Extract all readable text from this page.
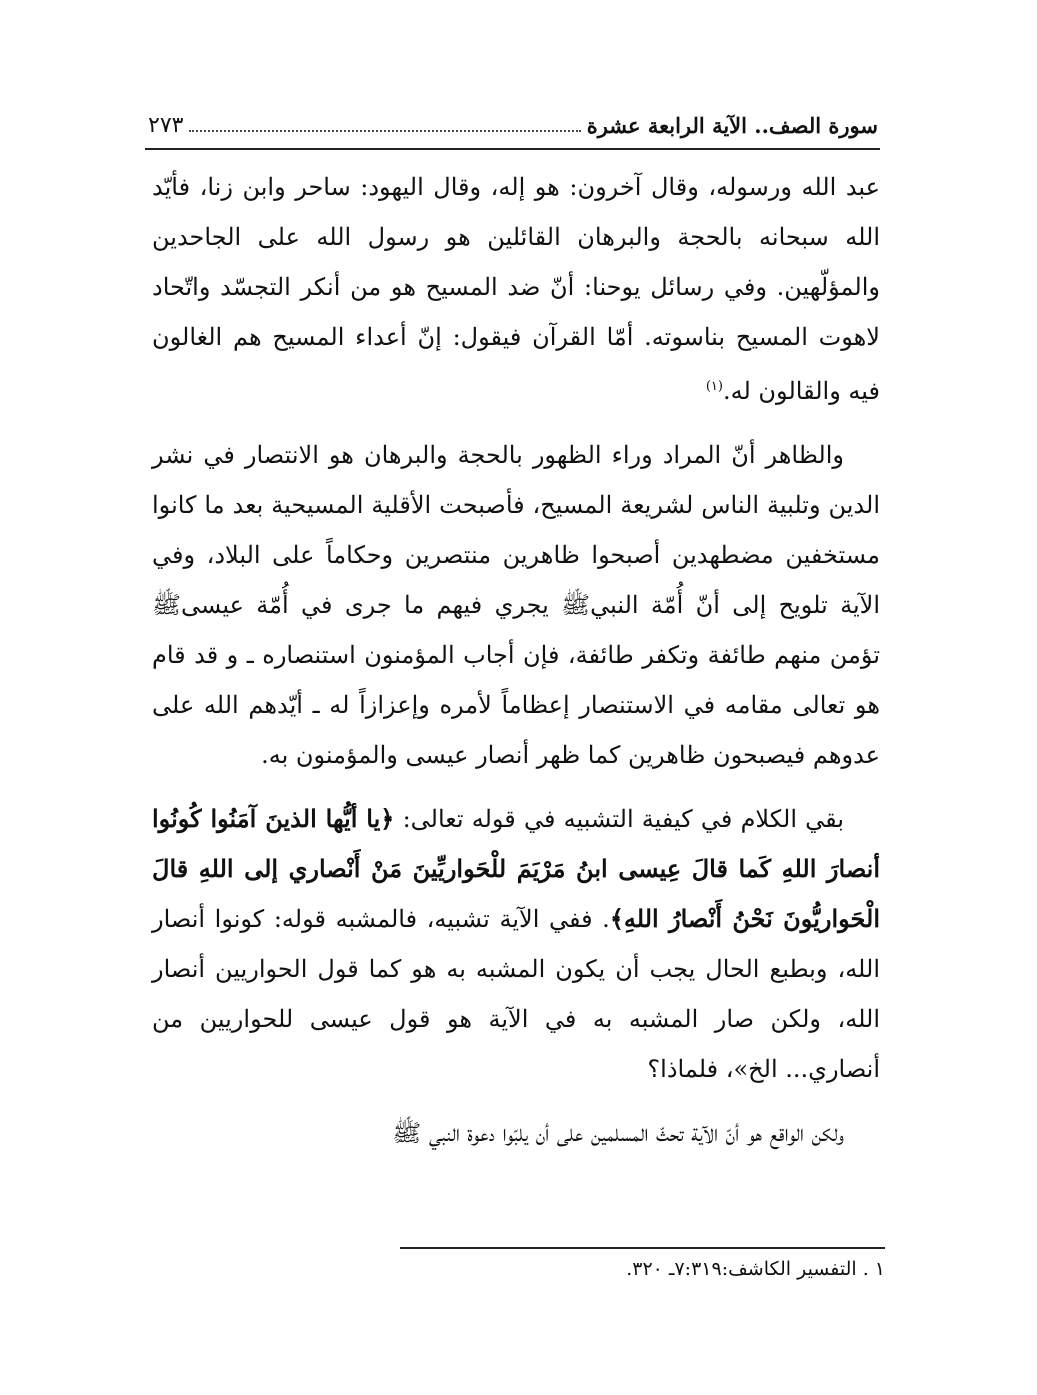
سورة الصف.. الآية الرابعة عشرة
٢٧٣

عبد الله ورسوله، وقال آخرون: هو إله، وقال اليهود: ساحر وابن زنا، فأيّد الله سبحانه بالحجة والبرهان القائلين هو رسول الله على الجاحدين والمؤلّهين. وفي رسائل يوحنا: أنّ ضد المسيح هو من أنكر التجسّد واتّحاد لاهوت المسيح بناسوته. أمّا القرآن فيقول: إنّ أعداء المسيح هم الغالون فيه والقالون له.$^{(١)}$

والظاهر أنّ المراد وراء الظهور بالحجة والبرهان هو الانتصار في نشر الدين وتلبية الناس لشريعة المسيح، فأصبحت الأقلية المسيحية بعد ما كانوا مستخفين مضطهدين أصبحوا ظاهرين منتصرين وحكاماً على البلاد، وفي الآية تلويح إلى أنّ أُمّة النبيﷺ يجري فيهم ما جرى في أُمّة عيسىﷺ تؤمن منهم طائفة وتكفر طائفة، فإن أجاب المؤمنون استنصاره ـ و قد قام هو تعالى مقامه في الاستنصار إعظاماً لأمره وإعزازاً له ـ أيّدهم الله على عدوهم فيصبحون ظاهرين كما ظهر أنصار عيسى والمؤمنون به.

بقي الكلام في كيفية التشبيه في قوله تعالى: ﴿يا أيُّها الذينَ آمَنُوا كُونُوا أنصارَ اللهِ كَما قالَ عِيسى ابنُ مَرْيَمَ للْحَواريِّينَ مَنْ أَنْصاري إلى اللهِ قالَ الْحَواريُّونَ نَحْنُ أَنْصارُ اللهِ﴾. ففي الآية تشبيه، فالمشبه قوله: كونوا أنصار الله، وبطبع الحال يجب أن يكون المشبه به هو كما قول الحواريين أنصار الله، ولكن صار المشبه به في الآية هو قول عيسى للحواريين من أنصاري... الخ»، فلماذا؟

ولكن الواقع هو أنّ الآية تحثّ المسلمين على أن يلبّوا دعوة النبي ﷺ

١ . التفسير الكاشف:٧:٣١٩ـ ٣٢٠.
